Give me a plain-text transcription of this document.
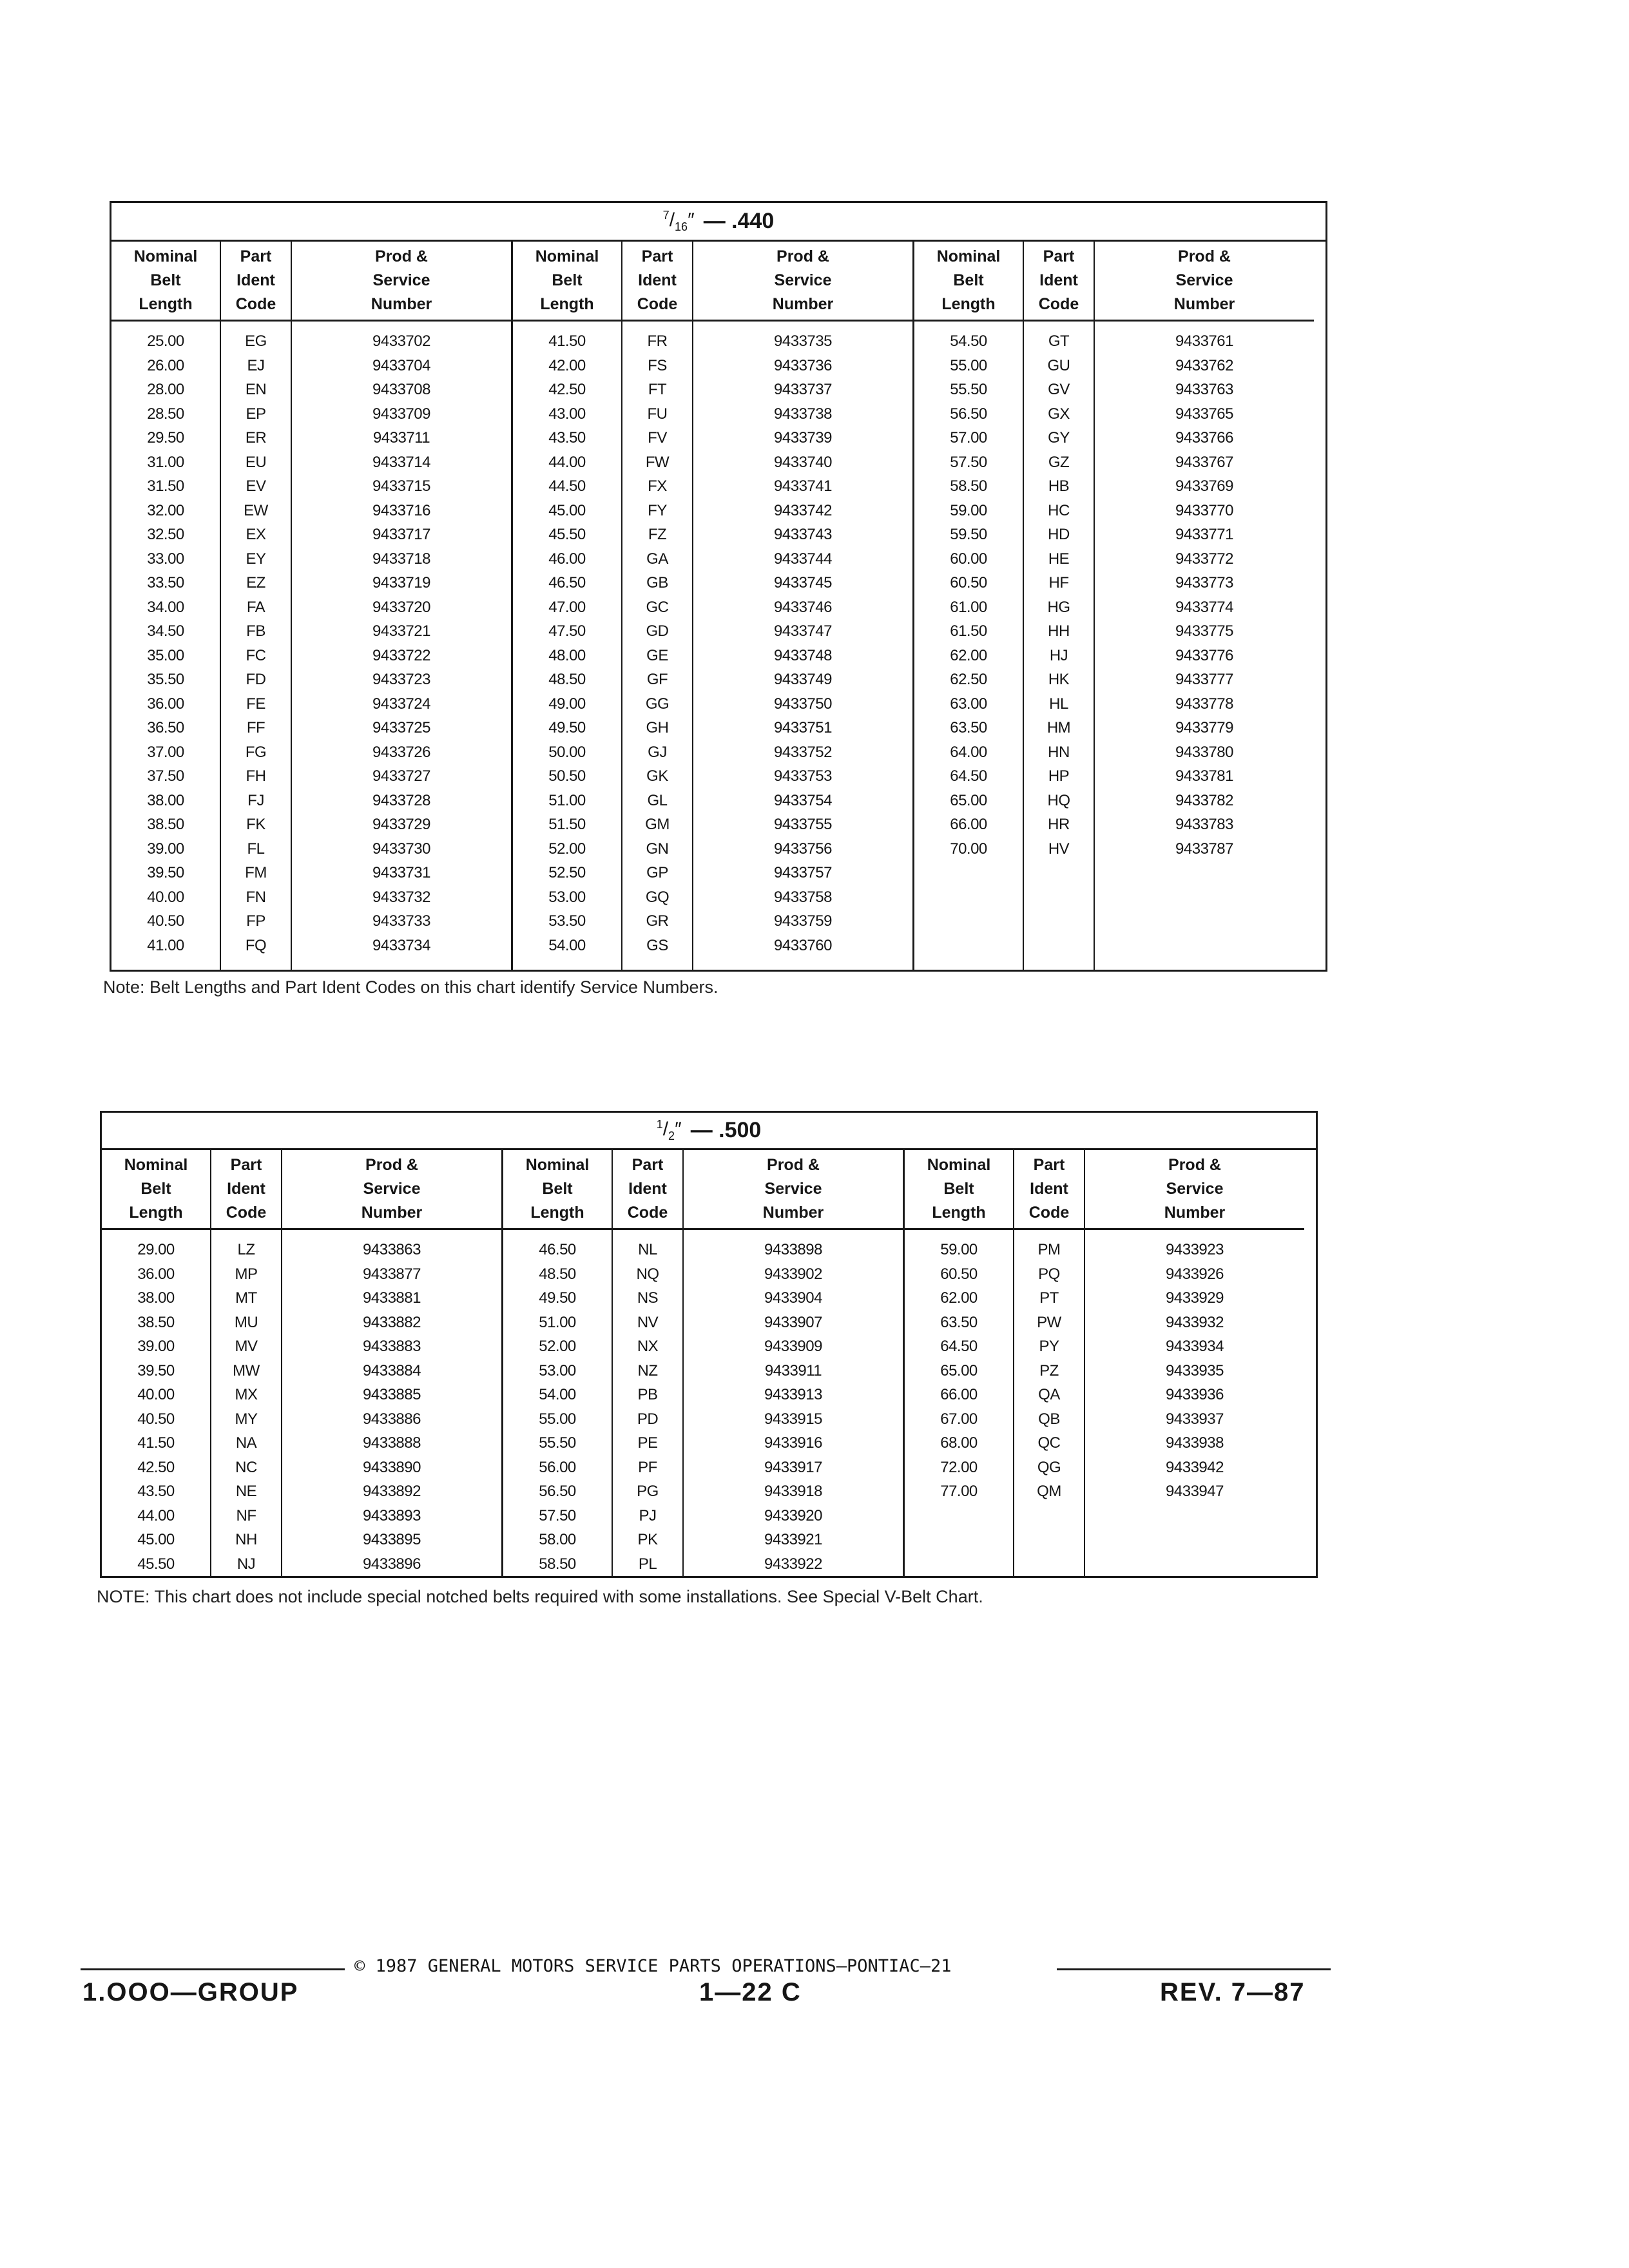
$^7/_{16}''$ — .440
Nominal
Belt
Length
Part
Ident
Code
Prod &
Service
Number
25.00
26.00
28.00
28.50
29.50
31.00
31.50
32.00
32.50
33.00
33.50
34.00
34.50
35.00
35.50
36.00
36.50
37.00
37.50
38.00
38.50
39.00
39.50
40.00
40.50
41.00
EG
EJ
EN
EP
ER
EU
EV
EW
EX
EY
EZ
FA
FB
FC
FD
FE
FF
FG
FH
FJ
FK
FL
FM
FN
FP
FQ
9433702
9433704
9433708
9433709
9433711
9433714
9433715
9433716
9433717
9433718
9433719
9433720
9433721
9433722
9433723
9433724
9433725
9433726
9433727
9433728
9433729
9433730
9433731
9433732
9433733
9433734
Nominal
Belt
Length
Part
Ident
Code
Prod &
Service
Number
41.50
42.00
42.50
43.00
43.50
44.00
44.50
45.00
45.50
46.00
46.50
47.00
47.50
48.00
48.50
49.00
49.50
50.00
50.50
51.00
51.50
52.00
52.50
53.00
53.50
54.00
FR
FS
FT
FU
FV
FW
FX
FY
FZ
GA
GB
GC
GD
GE
GF
GG
GH
GJ
GK
GL
GM
GN
GP
GQ
GR
GS
9433735
9433736
9433737
9433738
9433739
9433740
9433741
9433742
9433743
9433744
9433745
9433746
9433747
9433748
9433749
9433750
9433751
9433752
9433753
9433754
9433755
9433756
9433757
9433758
9433759
9433760
Nominal
Belt
Length
Part
Ident
Code
Prod &
Service
Number
54.50
55.00
55.50
56.50
57.00
57.50
58.50
59.00
59.50
60.00
60.50
61.00
61.50
62.00
62.50
63.00
63.50
64.00
64.50
65.00
66.00
70.00
GT
GU
GV
GX
GY
GZ
HB
HC
HD
HE
HF
HG
HH
HJ
HK
HL
HM
HN
HP
HQ
HR
HV
9433761
9433762
9433763
9433765
9433766
9433767
9433769
9433770
9433771
9433772
9433773
9433774
9433775
9433776
9433777
9433778
9433779
9433780
9433781
9433782
9433783
9433787
Note: Belt Lengths and Part Ident Codes on this chart identify Service Numbers.
$^1/_2''$ — .500
Nominal
Belt
Length
Part
Ident
Code
Prod &
Service
Number
29.00
36.00
38.00
38.50
39.00
39.50
40.00
40.50
41.50
42.50
43.50
44.00
45.00
45.50
LZ
MP
MT
MU
MV
MW
MX
MY
NA
NC
NE
NF
NH
NJ
9433863
9433877
9433881
9433882
9433883
9433884
9433885
9433886
9433888
9433890
9433892
9433893
9433895
9433896
Nominal
Belt
Length
Part
Ident
Code
Prod &
Service
Number
46.50
48.50
49.50
51.00
52.00
53.00
54.00
55.00
55.50
56.00
56.50
57.50
58.00
58.50
NL
NQ
NS
NV
NX
NZ
PB
PD
PE
PF
PG
PJ
PK
PL
9433898
9433902
9433904
9433907
9433909
9433911
9433913
9433915
9433916
9433917
9433918
9433920
9433921
9433922
Nominal
Belt
Length
Part
Ident
Code
Prod &
Service
Number
59.00
60.50
62.00
63.50
64.50
65.00
66.00
67.00
68.00
72.00
77.00
PM
PQ
PT
PW
PY
PZ
QA
QB
QC
QG
QM
9433923
9433926
9433929
9433932
9433934
9433935
9433936
9433937
9433938
9433942
9433947
NOTE: This chart does not include special notched belts required with some installations. See Special V-Belt Chart.
© 1987 GENERAL MOTORS SERVICE PARTS OPERATIONS—PONTIAC—21
1.OOO—GROUP	1—22 C	REV. 7—87
